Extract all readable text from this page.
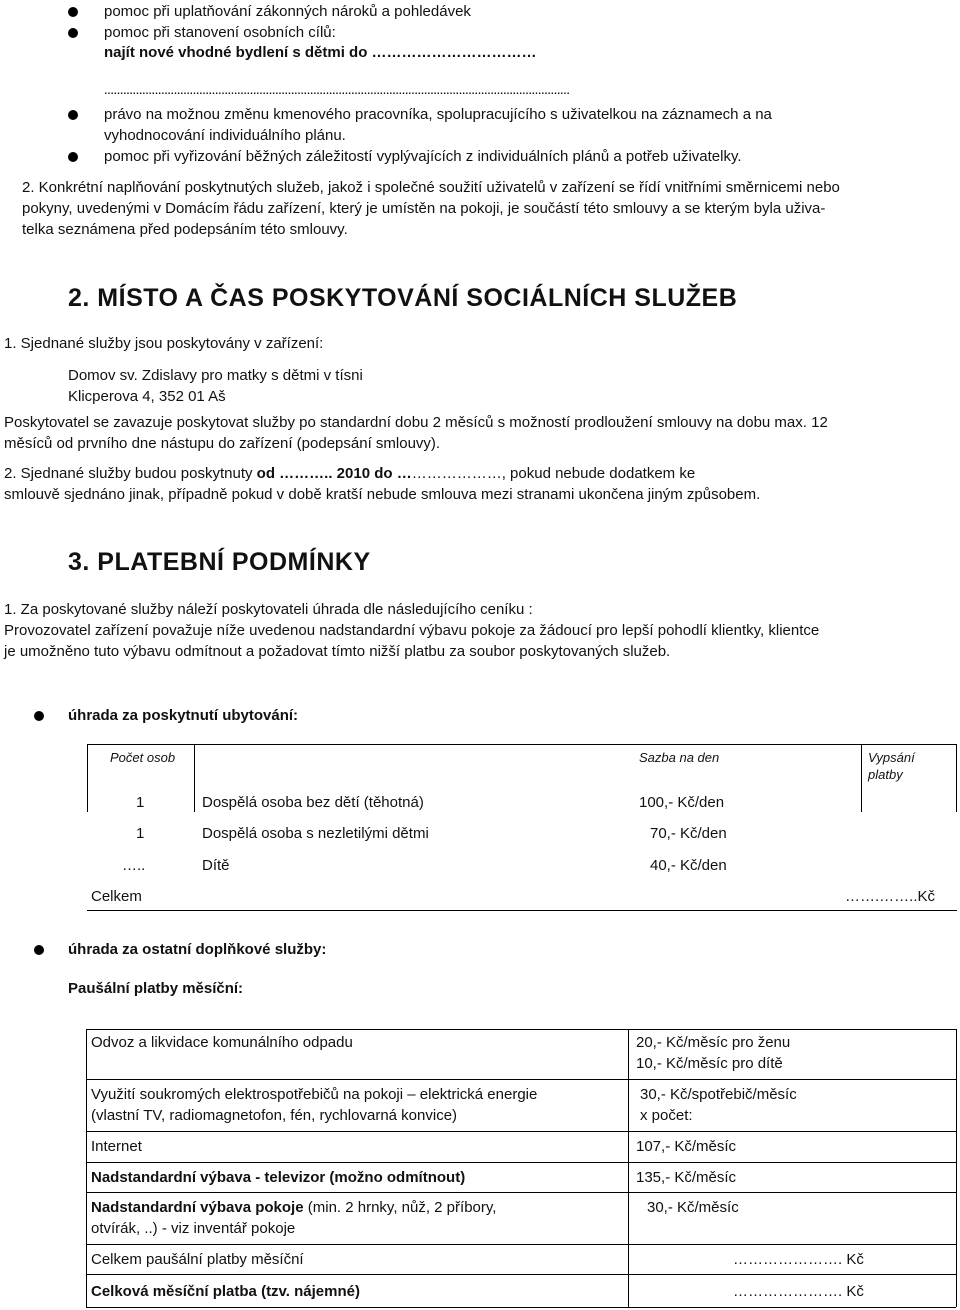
pomoc při uplatňování zákonných nároků a pohledávek
pomoc při stanovení osobních cílů:
najít nové vhodné bydlení s dětmi do ……………………………
…………………………………………………………………………………………………………………………………
právo na možnou změnu kmenového pracovníka, spolupracujícího s uživatelkou na záznamech a na
vyhodnocování individuálního plánu.
pomoc při vyřizování běžných záležitostí vyplývajících z individuálních plánů a potřeb uživatelky.
2. Konkrétní naplňování poskytnutých služeb, jakož i společné soužití uživatelů v zařízení se řídí vnitřními směrnicemi nebo
pokyny, uvedenými v Domácím řádu zařízení, který je umístěn na pokoji, je součástí této smlouvy a se kterým byla uživa-
telka seznámena před podepsáním této smlouvy.
2. MÍSTO A ČAS POSKYTOVÁNÍ SOCIÁLNÍCH SLUŽEB
1. Sjednané služby jsou poskytovány v zařízení:
Domov sv. Zdislavy pro matky s dětmi v tísni
Klicperova 4, 352 01 Aš
Poskytovatel se zavazuje poskytovat služby po standardní dobu 2 měsíců s možností prodloužení smlouvy na dobu max. 12
měsíců od prvního dne nástupu do zařízení (podepsání smlouvy).
2. Sjednané služby budou poskytnuty od ……….. 2010 do …………………, pokud nebude dodatkem ke
smlouvě sjednáno jinak, případně pokud v době kratší nebude smlouva mezi stranami ukončena jiným způsobem.
3. PLATEBNÍ PODMÍNKY
1. Za poskytované služby náleží poskytovateli úhrada dle následujícího ceníku :
Provozovatel zařízení považuje níže uvedenou nadstandardní výbavu pokoje za žádoucí pro lepší pohodlí klientky, klientce
je umožněno tuto výbavu odmítnout a požadovat tímto nižší platbu za soubor poskytovaných služeb.
úhrada za poskytnutí ubytování:
Počet osob	Sazba na den	Vypsání
platby
1	Dospělá osoba bez dětí (těhotná)	100,- Kč/den
1	Dospělá osoba s nezletilými dětmi	70,- Kč/den
…..	Dítě	40,- Kč/den
Celkem	…….……..Kč
úhrada za ostatní doplňkové služby:
Paušální platby měsíční:
Odvoz a likvidace komunálního odpadu	20,- Kč/měsíc pro ženu
10,- Kč/měsíc pro dítě
Využití soukromých elektrospotřebičů na pokoji – elektrická energie
(vlastní TV, radiomagnetofon, fén, rychlovarná konvice)
30,- Kč/spotřebič/měsíc
x počet:
Internet	107,- Kč/měsíc
Nadstandardní výbava - televizor (možno odmítnout)	135,- Kč/měsíc
Nadstandardní výbava pokoje (min. 2 hrnky, nůž, 2 příbory,
otvírák, ..) - viz inventář pokoje
30,- Kč/měsíc
Celkem paušální platby měsíční	…………………. Kč
Celková měsíční platba (tzv. nájemné)	…………………. Kč
